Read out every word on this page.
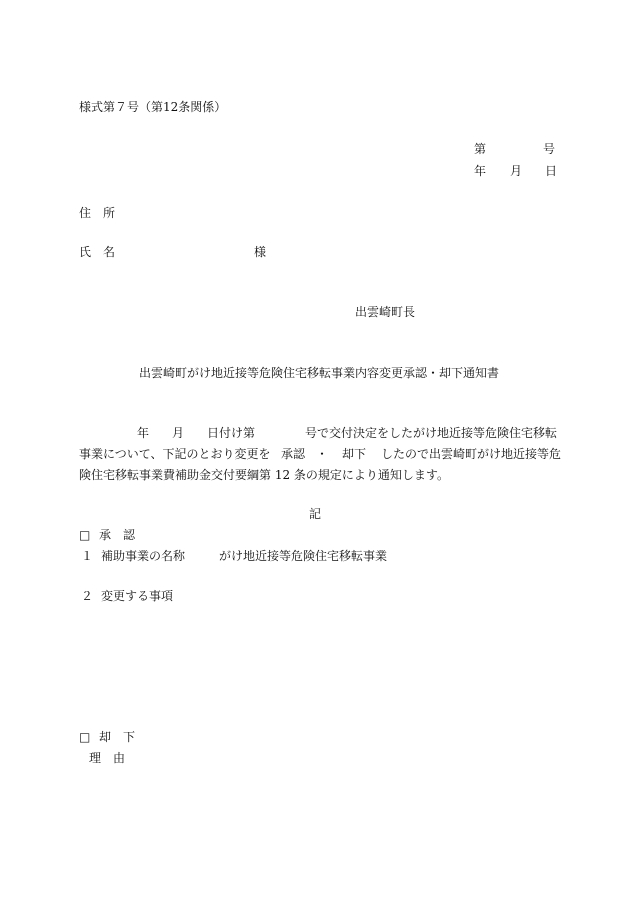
様式第７号（第12条関係）
第	号
年 月 日
住　所
氏　名	様
出雲崎町長
出雲崎町がけ地近接等危険住宅移転事業内容変更承認・却下通知書
年 月 日付け第	号で交付決定をしたがけ地近接等危険住宅移転
事業について、下記のとおり変更を 承認 ・ 却下 したので出雲崎町がけ地近接等危
険住宅移転事業費補助金交付要綱第 12 条の規定により通知します。
記
□ 承　認
１ 補助事業の名称	がけ地近接等危険住宅移転事業
２ 変更する事項
□ 却　下
理　由
